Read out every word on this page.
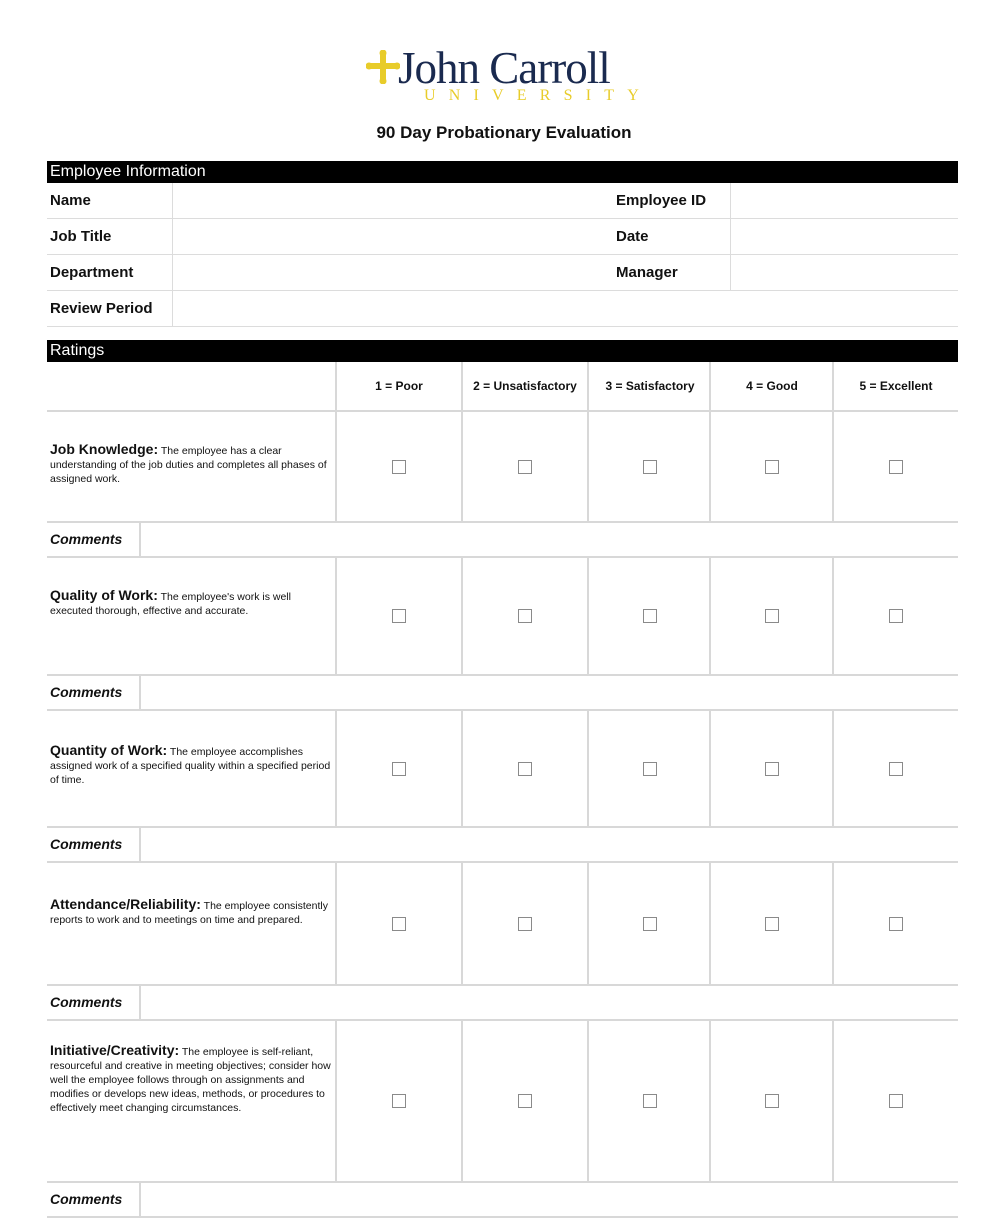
John Carroll
UNIVERSITY
90 Day Probationary Evaluation
Employee Information
Name	Employee ID
Job Title	Date
Department	Manager
Review Period
Ratings
1 = Poor	2 = Unsatisfactory	3 = Satisfactory	4 = Good	5 = Excellent
Job Knowledge: The employee has a clear understanding of the job duties and completes all phases of assigned work.
Comments
Quality of Work: The employee's work is well executed thorough, effective and accurate.
Comments
Quantity of Work: The employee accomplishes assigned work of a specified quality within a specified period of time.
Comments
Attendance/Reliability: The employee consistently reports to work and to meetings on time and prepared.
Comments
Initiative/Creativity: The employee is self-reliant, resourceful and creative in meeting objectives; consider how well the employee follows through on assignments and modifies or develops new ideas, methods, or procedures to effectively meet changing circumstances.
Comments
